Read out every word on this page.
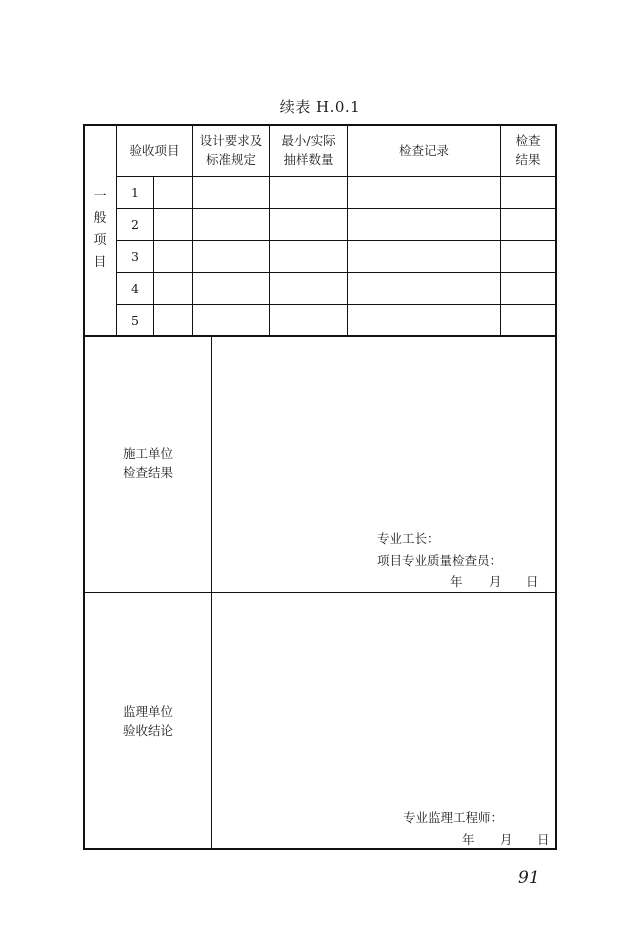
续表 H.0.1
验收项目
设计要求及
标准规定
最小/实际
抽样数量
检查记录
检查
结果
一
般
项
目
1
2
3
4
5
施工单位
检查结果
专业工长：
项目专业质量检查员：
年 月 日
监理单位
验收结论
专业监理工程师：
年 月 日
91
